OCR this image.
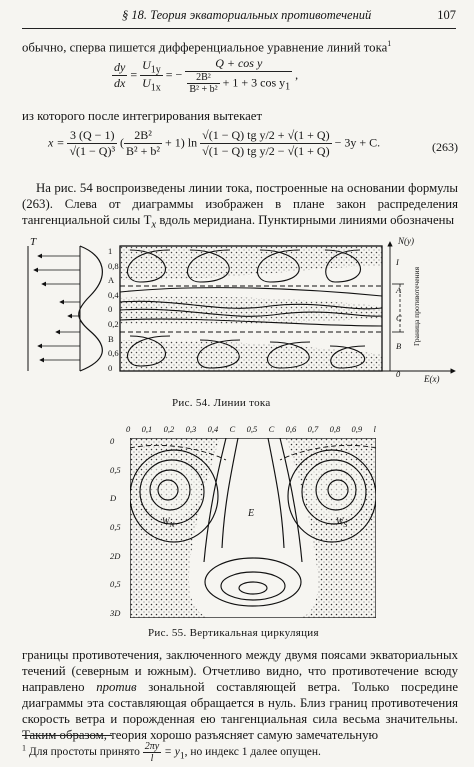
§ 18. Теория экваториальных противотечений	107
обычно, сперва пишется дифференциальное уравнение линий тока$^1$
$\frac{dy}{dx} = \frac{U_{1y}}{U_{1x}}$ = − $\frac{\text{Q + cos y}}{\frac{\text{2B²}}{\text{B² + b²}} + 1 + 3 \cos y_1}$ ,
из которого после интегрирования вытекает
$x = \frac{3 (Q - 1)}{\text{√(1 − Q)³}}$ ( $\frac{\text{2B²}}{\text{B² + b²}} + 1$) $\ln \frac{\text{√(1 − Q) tg y/2 + √(1 + Q)}}{\text{√(1 − Q) tg y/2 − √(1 + Q)}} - 3y + C$.	(263)
На рис. 54 воспроизведены линии тока, построенные на основании формулы (263). Слева от диаграммы изображен в плане закон распределения тангенциальной силы $T_x$ вдоль меридиана. Пунктирными линиями обозначены
T
1
0,8
A
0,4
0
0,2
B
0,6
0
N(y)
I
A
C
B
0	E(x)
Граница противотечения
Рис. 54. Линии тока
0 0,1 0,2 0,3 0,4 C 0,5 C 0,6 0,7 0,8 0,9 l
0
0,5
D
0,5
2D
0,5
3D
$W_N$
E
$W_S$
Рис. 55. Вертикальная циркуляция
границы противотечения, заключенного между двумя поясами экваториальных течений (северным и южным). Отчетливо видно, что противотечение всюду направлено против зональной составляющей ветра. Только посредине диаграммы эта составляющая обращается в нуль. Близ границ противотечения скорость ветра и порожденная ею тангенциальная сила весьма значительны. Таким образом, теория хорошо разъясняет самую замечательную
$^1$ Для простоты принято $\frac{2\pi y}{l} = y_1$, но индекс 1 далее опущен.
